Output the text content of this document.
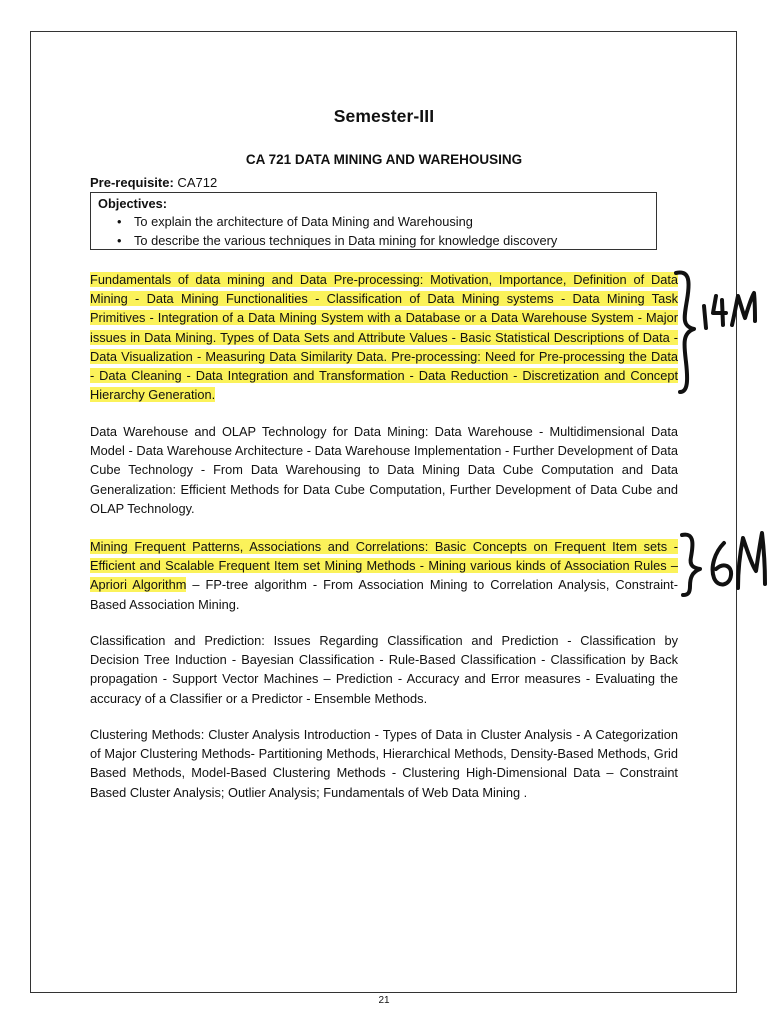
Semester-III
CA 721 DATA MINING AND WAREHOUSING
Pre-requisite: CA712
Objectives:
• To explain the architecture of Data Mining and Warehousing
• To describe the various techniques in Data mining for knowledge discovery
Fundamentals of data mining and Data Pre-processing: Motivation, Importance, Definition of Data Mining - Data Mining Functionalities - Classification of Data Mining systems - Data Mining Task Primitives - Integration of a Data Mining System with a Database or a Data Warehouse System - Major issues in Data Mining. Types of Data Sets and Attribute Values - Basic Statistical Descriptions of Data - Data Visualization - Measuring Data Similarity Data. Pre-processing: Need for Pre-processing the Data - Data Cleaning - Data Integration and Transformation - Data Reduction - Discretization and Concept Hierarchy Generation.
Data Warehouse and OLAP Technology for Data Mining: Data Warehouse - Multidimensional Data Model - Data Warehouse Architecture - Data Warehouse Implementation - Further Development of Data Cube Technology - From Data Warehousing to Data Mining Data Cube Computation and Data Generalization: Efficient Methods for Data Cube Computation, Further Development of Data Cube and OLAP Technology.
Mining Frequent Patterns, Associations and Correlations: Basic Concepts on Frequent Item sets - Efficient and Scalable Frequent Item set Mining Methods - Mining various kinds of Association Rules – Apriori Algorithm – FP-tree algorithm - From Association Mining to Correlation Analysis, Constraint-Based Association Mining.
Classification and Prediction: Issues Regarding Classification and Prediction - Classification by Decision Tree Induction - Bayesian Classification - Rule-Based Classification - Classification by Back propagation - Support Vector Machines – Prediction - Accuracy and Error measures - Evaluating the accuracy of a Classifier or a Predictor - Ensemble Methods.
Clustering Methods: Cluster Analysis Introduction - Types of Data in Cluster Analysis - A Categorization of Major Clustering Methods- Partitioning Methods, Hierarchical Methods, Density-Based Methods, Grid Based Methods, Model-Based Clustering Methods - Clustering High-Dimensional Data – Constraint Based Cluster Analysis; Outlier Analysis; Fundamentals of Web Data Mining .
21
